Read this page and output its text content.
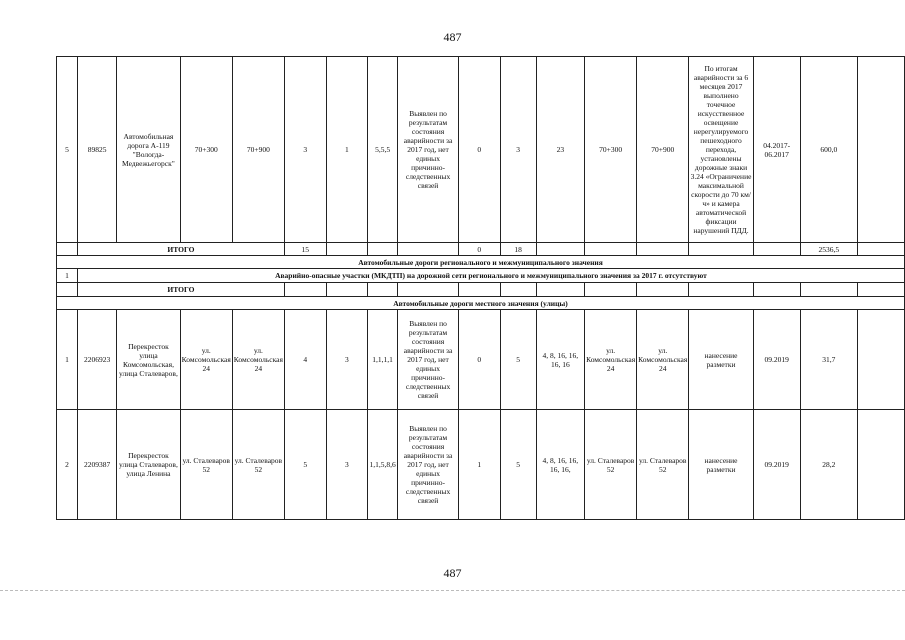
487
5	89825	Автомобильная дорога А-119 "Вологда-Медвежьегорск"	70+300	70+900	3	1	5,5,5	Выявлен по результатам состояния аварийности за 2017 год, нет единых причинно-следственных связей	0	3	23	70+300	70+900	По итогам аварийности за 6 месяцев 2017 выполнено точечное искусственное освещение нерегулируемого пешеходного перехода, установлены дорожные знаки 3.24 «Ограничение максимальной скорости до 70 км/ч» и камера автоматической фиксации нарушений ПДД.	04.2017-06.2017	600,0	
	ИТОГО				15				0	18						2536,5	
Автомобильные дороги регионального и межмуниципального значения																	
1	Аварийно-опасные участки (МКДТП) на дорожной сети регионального и межмуниципального значения за 2017 г. отсутствуют																
	ИТОГО																
Автомобильные дороги местного значения (улицы)																	
1	2206923	Перекресток улица Комсомольская, улица Сталеваров,	ул. Комсомольская 24	ул. Комсомольская 24	4	3	1,1,1,1	Выявлен по результатам состояния аварийности за 2017 год, нет единых причинно-следственных связей	0	5	4, 8, 16, 16, 16, 16	ул. Комсомольская 24	ул. Комсомольская 24	нанесение разметки	09.2019	31,7	
2	2209387	Перекресток улица Сталеваров, улица Ленина	ул. Сталеваров 52	ул. Сталеваров 52	5	3	1,1,5,8,6	Выявлен по результатам состояния аварийности за 2017 год, нет единых причинно-следственных связей	1	5	4, 8, 16, 16, 16, 16,	ул. Сталеваров 52	ул. Сталеваров 52	нанесение разметки	09.2019	28,2	
487
